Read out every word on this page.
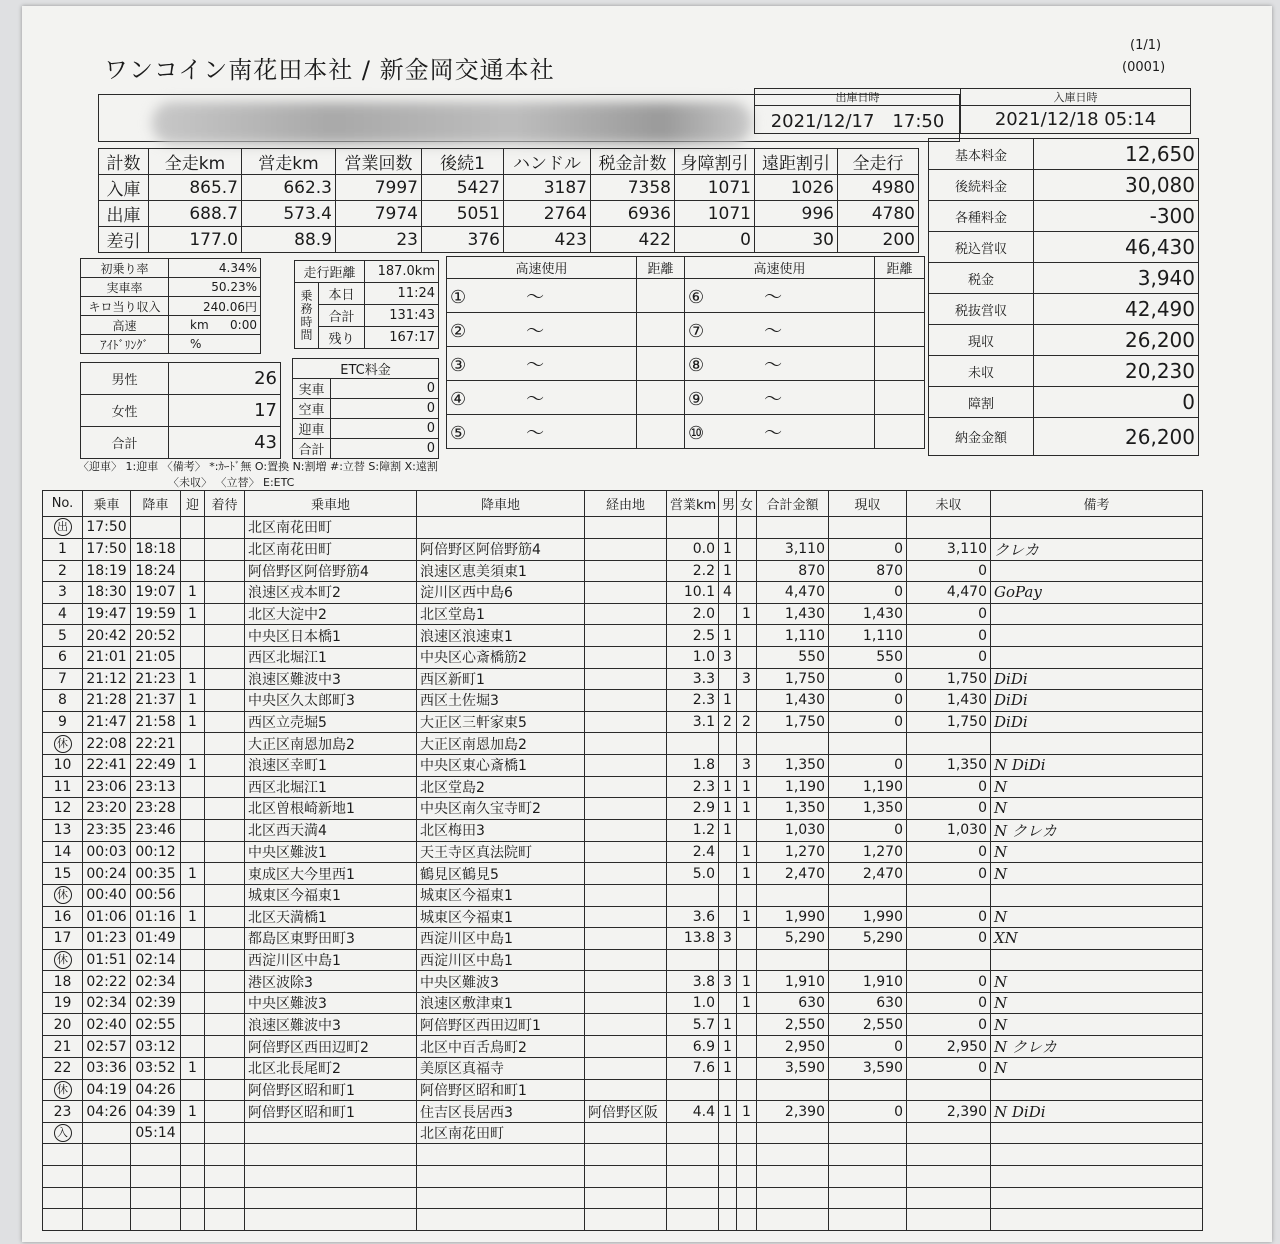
ワンコイン南花田本社 / 新金岡交通本社
(1/1)
(0001)
出庫日時	入庫日時
2021/12/17　17:50	2021/12/18 05:14
計数	全走km	営走km	営業回数	後続1	ハンドル	税金計数	身障割引	遠距割引	全走行
入庫	865.7	662.3	7997	5427	3187	7358	1071	1026	4980
出庫	688.7	573.4	7974	5051	2764	6936	1071	996	4780
差引	177.0	88.9	23	376	423	422	0	30	200
基本料金	12,650
後続料金	30,080
各種料金	-300
税込営収	46,430
税金	3,940
税抜営収	42,490
現収	26,200
未収	20,230
障割	0
納金金額	26,200
初乗り率	4.34%
実車率	50.23%
キロ当り収入	240.06円
高速	km 0:00
ｱｲﾄﾞﾘﾝｸﾞ	%
男性	26
女性	17
合計	43
走行距離		187.0km
乗務時間	本日	11:24
	合計	131:43
	残り	167:17
ETC料金	
実車	0
空車	0
迎車	0
合計	0
高速使用	距離	高速使用	距離
① ～		⑥ ～	
② ～		⑦ ～	
③ ～		⑧ ～	
④ ～		⑨ ～	
⑤ ～		⑩ ～	
〈迎車〉 1:迎車 〈備考〉 *:ｶｰﾄﾞ無 O:置換 N:割増 #:立替 S:障割 X:遠割
〈未収〉 〈立替〉 E:ETC
No.	乗車	降車	迎	着待	乗車地	降車地	経由地	営業km	男	女	合計金額	現収	未収	備考
出	17:50				北区南花田町									
1	17:50	18:18			北区南花田町	阿倍野区阿倍野筋4		0.0	1		3,110	0	3,110	クレカ
2	18:19	18:24			阿倍野区阿倍野筋4	浪速区恵美須東1		2.2	1		870	870	0	
3	18:30	19:07	1		浪速区戎本町2	淀川区西中島6		10.1	4		4,470	0	4,470	GoPay
4	19:47	19:59	1		北区大淀中2	北区堂島1		2.0		1	1,430	1,430	0	
5	20:42	20:52			中央区日本橋1	浪速区浪速東1		2.5	1		1,110	1,110	0	
6	21:01	21:05			西区北堀江1	中央区心斎橋筋2		1.0	3		550	550	0	
7	21:12	21:23	1		浪速区難波中3	西区新町1		3.3		3	1,750	0	1,750	DiDi
8	21:28	21:37	1		中央区久太郎町3	西区土佐堀3		2.3	1		1,430	0	1,430	DiDi
9	21:47	21:58	1		西区立売堀5	大正区三軒家東5		3.1	2	2	1,750	0	1,750	DiDi
休	22:08	22:21			大正区南恩加島2	大正区南恩加島2								
10	22:41	22:49	1		浪速区幸町1	中央区東心斎橋1		1.8		3	1,350	0	1,350	N DiDi
11	23:06	23:13			西区北堀江1	北区堂島2		2.3	1	1	1,190	1,190	0	N
12	23:20	23:28			北区曽根崎新地1	中央区南久宝寺町2		2.9	1	1	1,350	1,350	0	N
13	23:35	23:46			北区西天満4	北区梅田3		1.2	1		1,030	0	1,030	N クレカ
14	00:03	00:12			中央区難波1	天王寺区真法院町		2.4		1	1,270	1,270	0	N
15	00:24	00:35	1		東成区大今里西1	鶴見区鶴見5		5.0		1	2,470	2,470	0	N
休	00:40	00:56			城東区今福東1	城東区今福東1								
16	01:06	01:16	1		北区天満橋1	城東区今福東1		3.6		1	1,990	1,990	0	N
17	01:23	01:49			都島区東野田町3	西淀川区中島1		13.8	3		5,290	5,290	0	XN
休	01:51	02:14			西淀川区中島1	西淀川区中島1								
18	02:22	02:34			港区波除3	中央区難波3		3.8	3	1	1,910	1,910	0	N
19	02:34	02:39			中央区難波3	浪速区敷津東1		1.0		1	630	630	0	N
20	02:40	02:55			浪速区難波中3	阿倍野区西田辺町1		5.7	1		2,550	2,550	0	N
21	02:57	03:12			阿倍野区西田辺町2	北区中百舌鳥町2		6.9	1		2,950	0	2,950	N クレカ
22	03:36	03:52	1		北区北長尾町2	美原区真福寺		7.6	1		3,590	3,590	0	N
休	04:19	04:26			阿倍野区昭和町1	阿倍野区昭和町1								
23	04:26	04:39	1		阿倍野区昭和町1	住吉区長居西3	阿倍野区阪	4.4	1	1	2,390	0	2,390	N DiDi
入		05:14				北区南花田町								
